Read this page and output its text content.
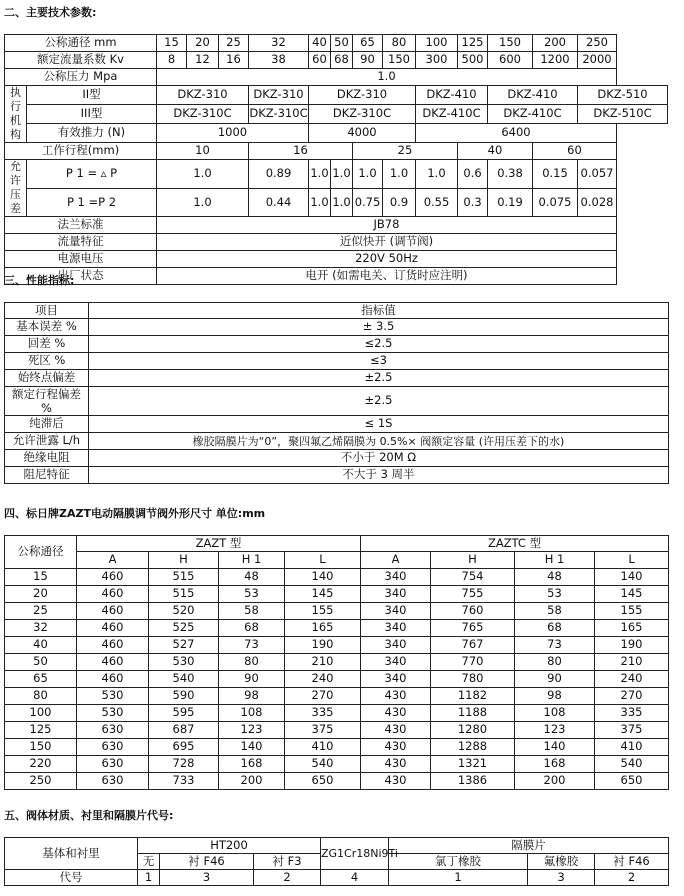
二、主要技术参数:
公称通径 mm		15	20	25	32	40	50	65	80	100	125	150	200	250
额定流量系数 Kv		8	12	16	38	60	68	90	150	300	500	600	1200	2000
公称压力 Mpa		1.0												
执行机构	II型	DKZ-310			DKZ-310	DKZ-310				DKZ-410		DKZ-410		DKZ-510
	III型	DKZ-310C			DKZ-310C	DKZ-310C				DKZ-410C		DKZ-410C		DKZ-510C
	有效推力 (N)	1000				4000				6400				
工作行程(mm)		10			16			25			40		60	
允许压差	P 1 = ▵ P	1.0			0.89	1.0	1.0	1.0	1.0	1.0	0.6	0.38	0.15	0.057
	P 1 =P 2	1.0			0.44	1.0	1.0	0.75	0.9	0.55	0.3	0.19	0.075	0.028
法兰标准		JB78												
流量特征		近似快开 (调节阀)												
电源电压		220V 50Hz												
出厂状态		电开 (如需电关、订货时应注明)												
三、性能指标:
项目	指标值
基本误差 %	± 3.5
回差 %	≤2.5
死区 %	≤3
始终点偏差	±2.5
额定行程偏差 %	±2.5
纯滞后	≤ 1S
允许泄露 L/h	橡胶隔膜片为“0”，聚四氟乙烯隔膜为 0.5%× 阀额定容量 (许用压差下的水)
绝缘电阻	不小于 20M Ω
阻尼特征	不大于 3 周半
四、标日牌ZAZT电动隔膜调节阀外形尺寸 单位:mm
公称通径	ZAZT 型				ZAZTC 型			
	A	H	H 1	L	A	H	H 1	L
15	460	515	48	140	340	754	48	140
20	460	515	53	145	340	755	53	145
25	460	520	58	155	340	760	58	155
32	460	525	68	165	340	765	68	165
40	460	527	73	190	340	767	73	190
50	460	530	80	210	340	770	80	210
65	460	540	90	240	340	780	90	240
80	530	590	98	270	430	1182	98	270
100	530	595	108	335	430	1188	108	335
125	630	687	123	375	430	1280	123	375
150	630	695	140	410	430	1288	140	410
220	630	728	168	540	430	1321	168	540
250	630	733	200	650	430	1386	200	650
五、阀体材质、衬里和隔膜片代号:
基体和衬里	HT200			ZG1Cr18Ni9Ti	隔膜片		
	无	衬 F46	衬 F3		氯丁橡胶	氟橡胶	衬 F46
代号	1	3	2	4	1	3	2
